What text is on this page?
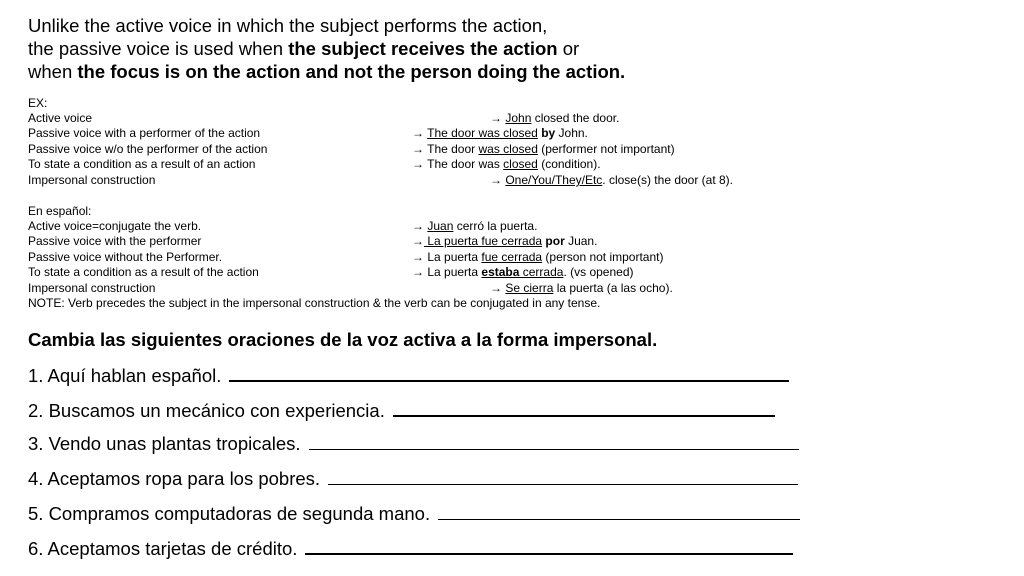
Unlike the active voice in which the subject performs the action,
the passive voice is used when the subject receives the action or
when the focus is on the action and not the person doing the action.
EX:
Active voice	→ John closed the door.
Passive voice with a performer of the action	→ The door was closed by John.
Passive voice w/o the performer of the action	→ The door was closed (performer not important)
To state a condition as a result of an action	→ The door was closed (condition).
Impersonal construction	→ One/You/They/Etc. close(s) the door (at 8).
En español:
Active voice=conjugate the verb.	→ Juan cerró la puerta.
Passive voice with the performer	→ La puerta fue cerrada por Juan.
Passive voice without the Performer.	→ La puerta fue cerrada (person not important)
To state a condition as a result of the action	→ La puerta estaba cerrada. (vs opened)
Impersonal construction	→ Se cierra la puerta (a las ocho).
NOTE: Verb precedes the subject in the impersonal construction & the verb can be conjugated in any tense.
Cambia las siguientes oraciones de la voz activa a la forma impersonal.
1. Aquí hablan español.
2. Buscamos un mecánico con experiencia.
3. Vendo unas plantas tropicales.
4. Aceptamos ropa para los pobres.
5. Compramos computadoras de segunda mano.
6. Aceptamos tarjetas de crédito.
